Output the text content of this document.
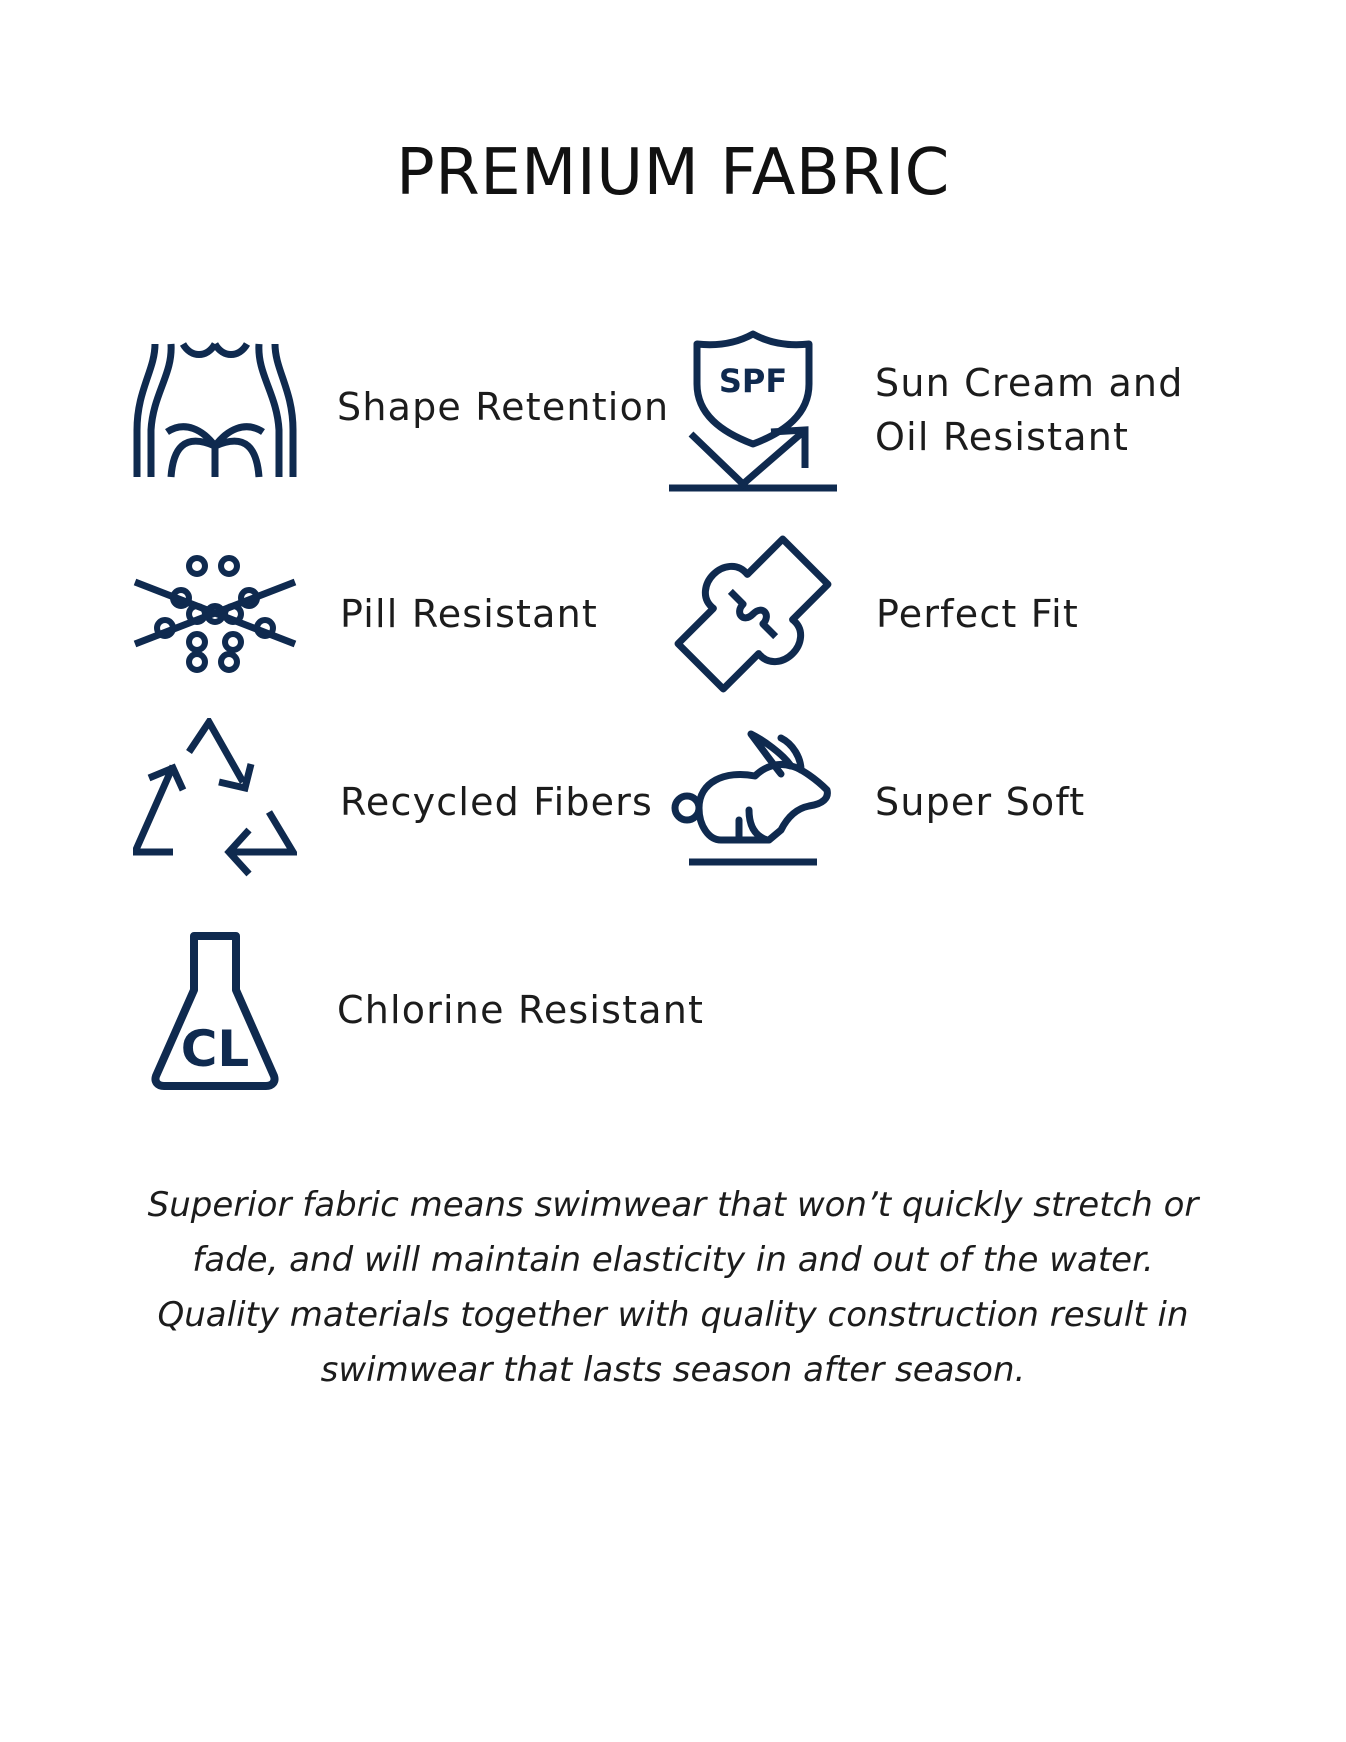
PREMIUM FABRIC
Shape Retention
SPF Sun Cream and
Oil Resistant
Pill Resistant	Perfect Fit
Recycled Fibers	Super Soft
CL
Chlorine Resistant

Superior fabric means swimwear that won’t quickly stretch or fade, and will maintain elasticity in and out of the water. Quality materials together with quality construction result in swimwear that lasts season after season.
